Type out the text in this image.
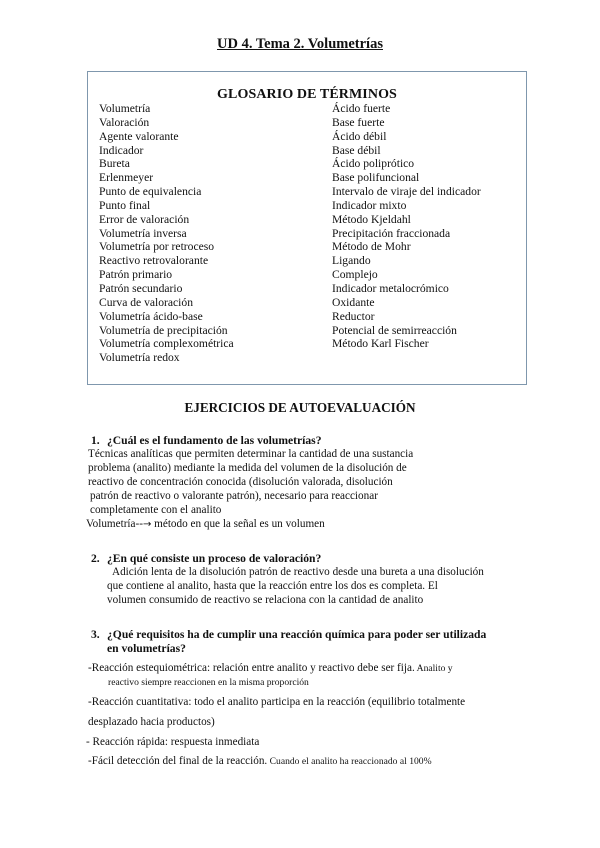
UD 4. Tema 2. Volumetrías
GLOSARIO DE TÉRMINOS
Volumetría
Valoración
Agente valorante
Indicador
Bureta
Erlenmeyer
Punto de equivalencia
Punto final
Error de valoración
Volumetría inversa
Volumetría por retroceso
Reactivo retrovalorante
Patrón primario
Patrón secundario
Curva de valoración
Volumetría ácido-base
Volumetría de precipitación
Volumetría complexométrica
Volumetría redox
Ácido fuerte
Base fuerte
Ácido débil
Base débil
Ácido poliprótico
Base polifuncional
Intervalo de viraje del indicador
Indicador mixto
Método Kjeldahl
Precipitación fraccionada
Método de Mohr
Ligando
Complejo
Indicador metalocrómico
Oxidante
Reductor
Potencial de semirreacción
Método Karl Fischer
EJERCICIOS DE AUTOEVALUACIÓN
1. ¿Cuál es el fundamento de las volumetrías?
Técnicas analíticas que permiten determinar la cantidad de una sustancia
problema (analito) mediante la medida del volumen de la disolución de
reactivo de concentración conocida (disolución valorada, disolución
patrón de reactivo o valorante patrón), necesario para reaccionar
completamente con el analito
Volumetría--→ método en que la señal es un volumen
2. ¿En qué consiste un proceso de valoración?
Adición lenta de la disolución patrón de reactivo desde una bureta a una disolución
que contiene al analito, hasta que la reacción entre los dos es completa. El
volumen consumido de reactivo se relaciona con la cantidad de analito
3. ¿Qué requisitos ha de cumplir una reacción química para poder ser utilizada
en volumetrías?
-Reacción estequiométrica: relación entre analito y reactivo debe ser fija. Analito y
reactivo siempre reaccionen en la misma proporción
-Reacción cuantitativa: todo el analito participa en la reacción (equilibrio totalmente
desplazado hacia productos)
- Reacción rápida: respuesta inmediata
-Fácil detección del final de la reacción. Cuando el analito ha reaccionado al 100%
